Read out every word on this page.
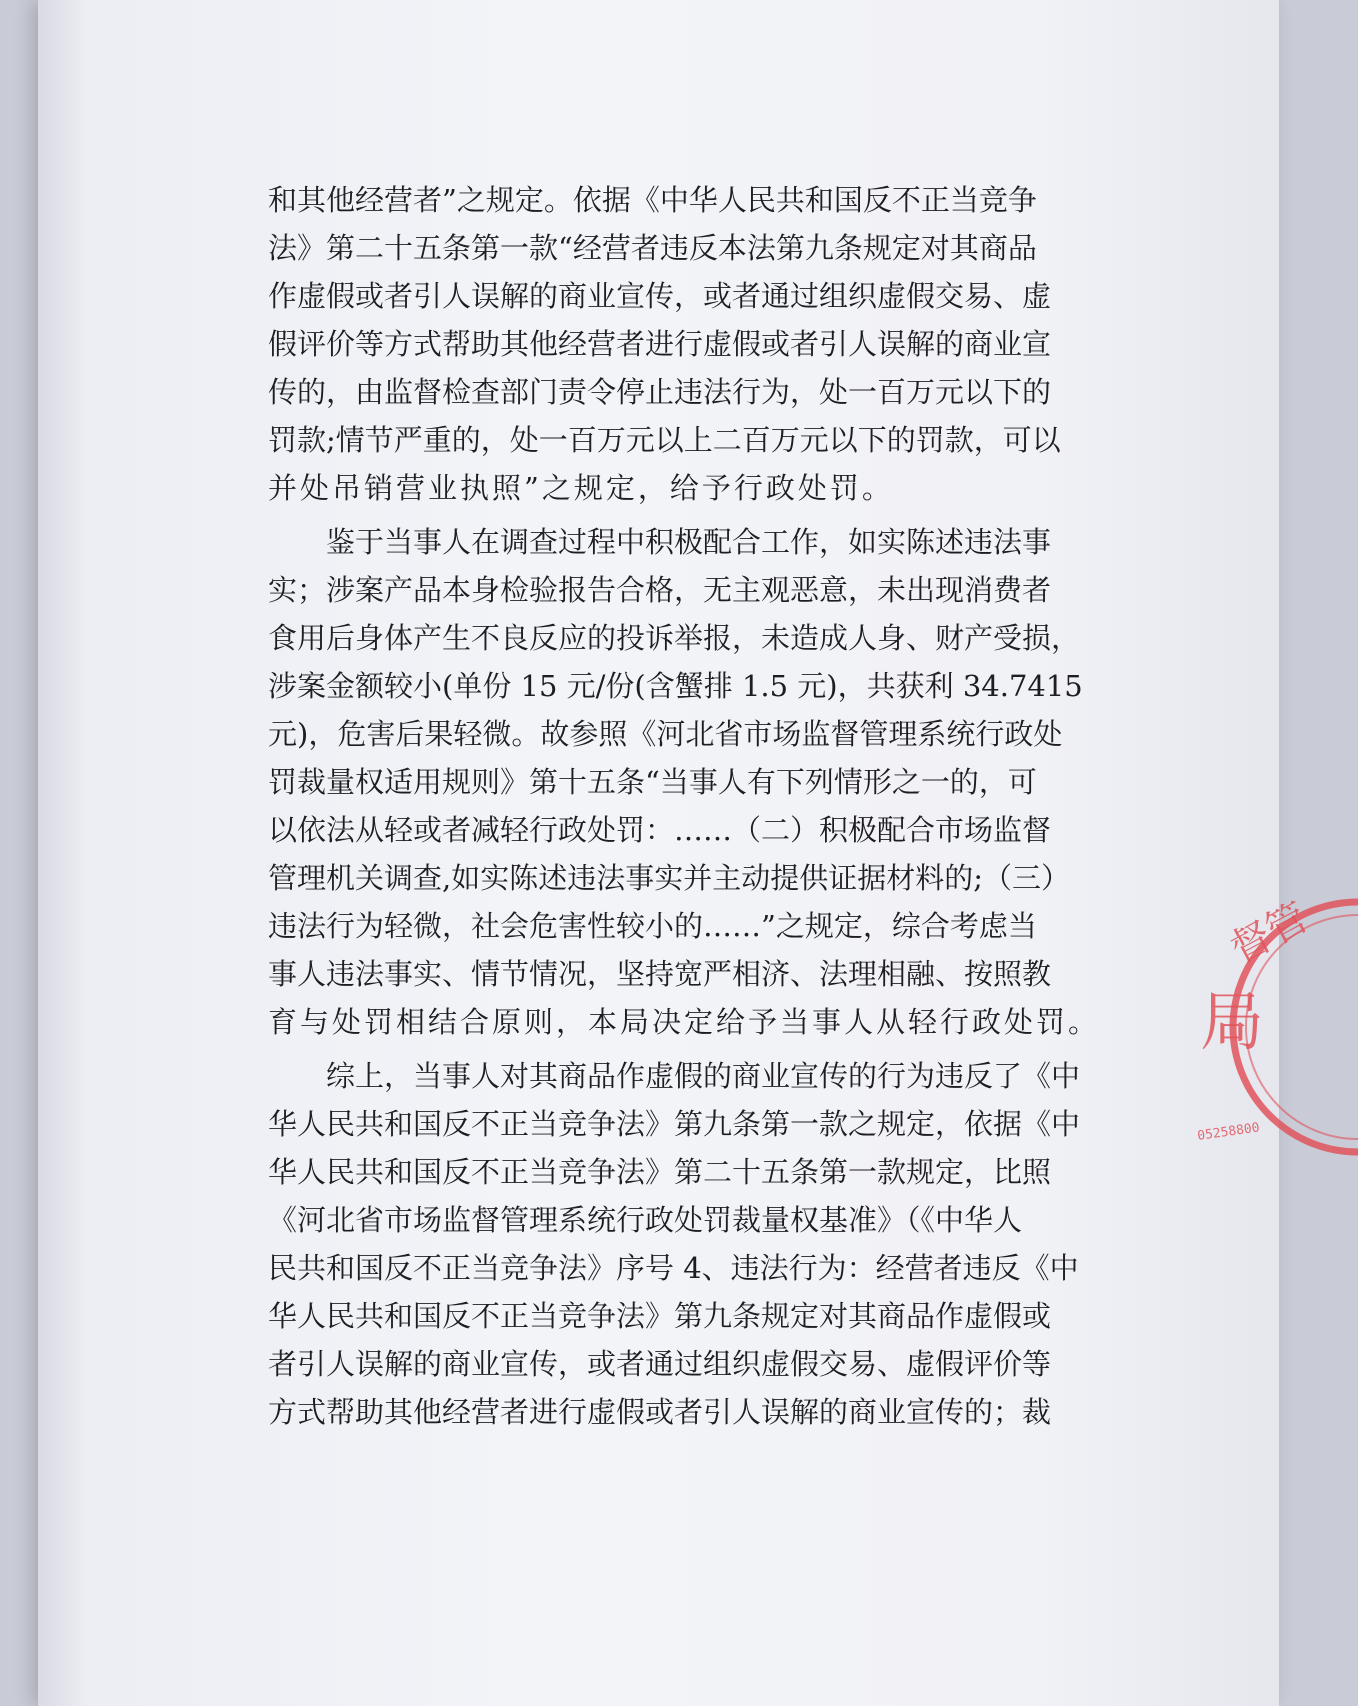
和其他经营者”之规定。依据《中华人民共和国反不正当竞争
法》第二十五条第一款“经营者违反本法第九条规定对其商品
作虚假或者引人误解的商业宣传，或者通过组织虚假交易、虚
假评价等方式帮助其他经营者进行虚假或者引人误解的商业宣
传的，由监督检查部门责令停止违法行为，处一百万元以下的
罚款;情节严重的，处一百万元以上二百万元以下的罚款，可以
并处吊销营业执照”之规定，给予行政处罚。
鉴于当事人在调查过程中积极配合工作，如实陈述违法事
实；涉案产品本身检验报告合格，无主观恶意，未出现消费者
食用后身体产生不良反应的投诉举报，未造成人身、财产受损，
涉案金额较小(单份 15 元/份(含蟹排 1.5 元)，共获利 34.7415
元)，危害后果轻微。故参照《河北省市场监督管理系统行政处
罚裁量权适用规则》第十五条“当事人有下列情形之一的，可
以依法从轻或者减轻行政处罚：……（二）积极配合市场监督
管理机关调查,如实陈述违法事实并主动提供证据材料的;（三）
违法行为轻微，社会危害性较小的……”之规定，综合考虑当
事人违法事实、情节情况，坚持宽严相济、法理相融、按照教
育与处罚相结合原则，本局决定给予当事人从轻行政处罚。
综上，当事人对其商品作虚假的商业宣传的行为违反了《中
华人民共和国反不正当竞争法》第九条第一款之规定，依据《中
华人民共和国反不正当竞争法》第二十五条第一款规定，比照
《河北省市场监督管理系统行政处罚裁量权基准》（《中华人
民共和国反不正当竞争法》序号 4、违法行为：经营者违反《中
华人民共和国反不正当竞争法》第九条规定对其商品作虚假或
者引人误解的商业宣传，或者通过组织虚假交易、虚假评价等
方式帮助其他经营者进行虚假或者引人误解的商业宣传的；裁
督管
局
05258800
